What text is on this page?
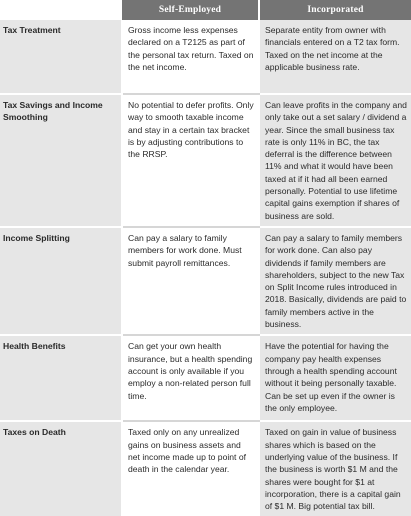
	Self-Employed	Incorporated
Tax Treatment	Gross income less expenses declared on a T2125 as part of the personal tax return. Taxed on the net income.	Separate entity from owner with financials entered on a T2 tax form. Taxed on the net income at the applicable business rate.
Tax Savings and Income Smoothing	No potential to defer profits. Only way to smooth taxable income and stay in a certain tax bracket is by adjusting contributions to the RRSP.	Can leave profits in the company and only take out a set salary / dividend a year. Since the small business tax rate is only 11% in BC, the tax deferral is the difference between 11% and what it would have been taxed at if it had all been earned personally. Potential to use lifetime capital gains exemption if shares of business are sold.
Income Splitting	Can pay a salary to family members for work done. Must submit payroll remittances.	Can pay a salary to family members for work done. Can also pay dividends if family members are shareholders, subject to the new Tax on Split Income rules introduced in 2018. Basically, dividends are paid to family members active in the business.
Health Benefits	Can get your own health insurance, but a health spending account is only available if you employ a non-related person full time.	Have the potential for having the company pay health expenses through a health spending account without it being personally taxable. Can be set up even if the owner is the only employee.
Taxes on Death	Taxed only on any unrealized gains on business assets and net income made up to point of death in the calendar year.	Taxed on gain in value of business shares which is based on the underlying value of the business. If the business is worth $1 M and the shares were bought for $1 at incorporation, there is a capital gain of $1 M. Big potential tax bill.
